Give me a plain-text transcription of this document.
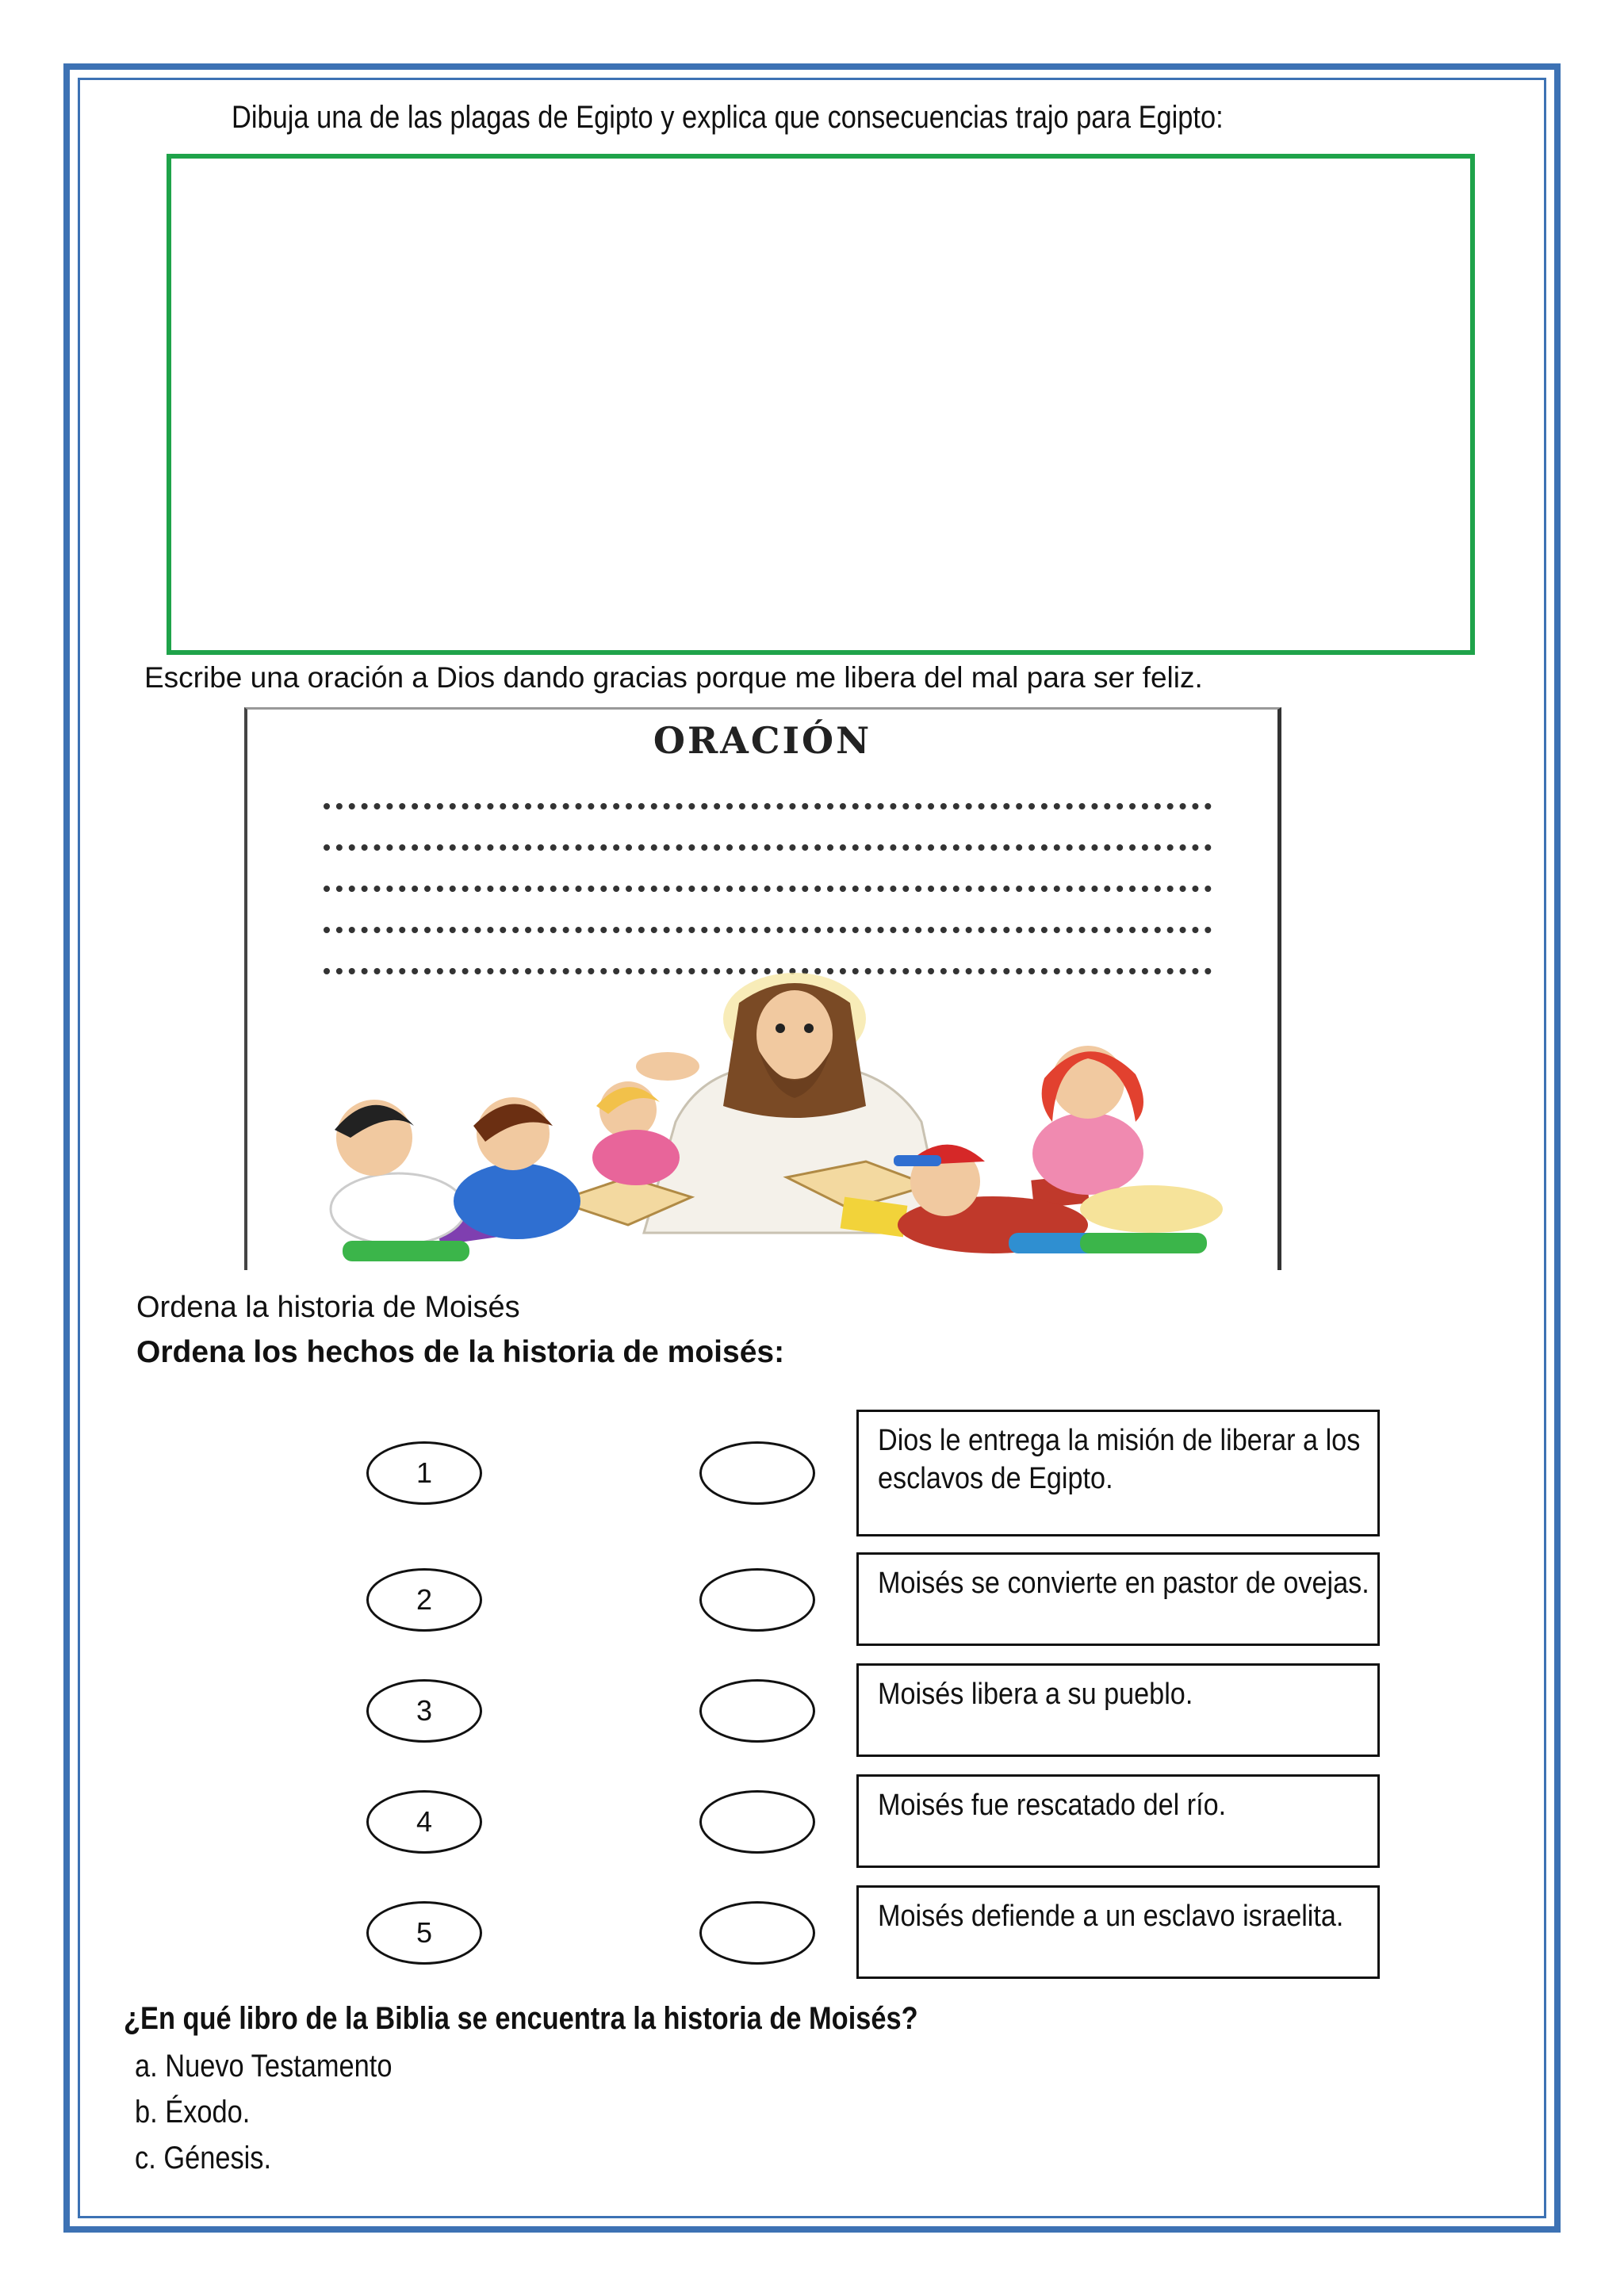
Dibuja una de las plagas de Egipto y explica que consecuencias trajo para Egipto:
Escribe una oración a Dios dando gracias porque me libera del mal para ser feliz.
ORACIÓN
Ordena la historia de Moisés
Ordena los hechos de la historia de moisés:
1
2
3
4
5
Dios le entrega la misión de liberar a los
esclavos de Egipto.
Moisés se convierte en pastor de ovejas.
Moisés libera a su pueblo.
Moisés fue rescatado del río.
Moisés defiende a un esclavo israelita.
¿En qué libro de la Biblia se encuentra la historia de Moisés?
a. Nuevo Testamento
b. Éxodo.
c. Génesis.
